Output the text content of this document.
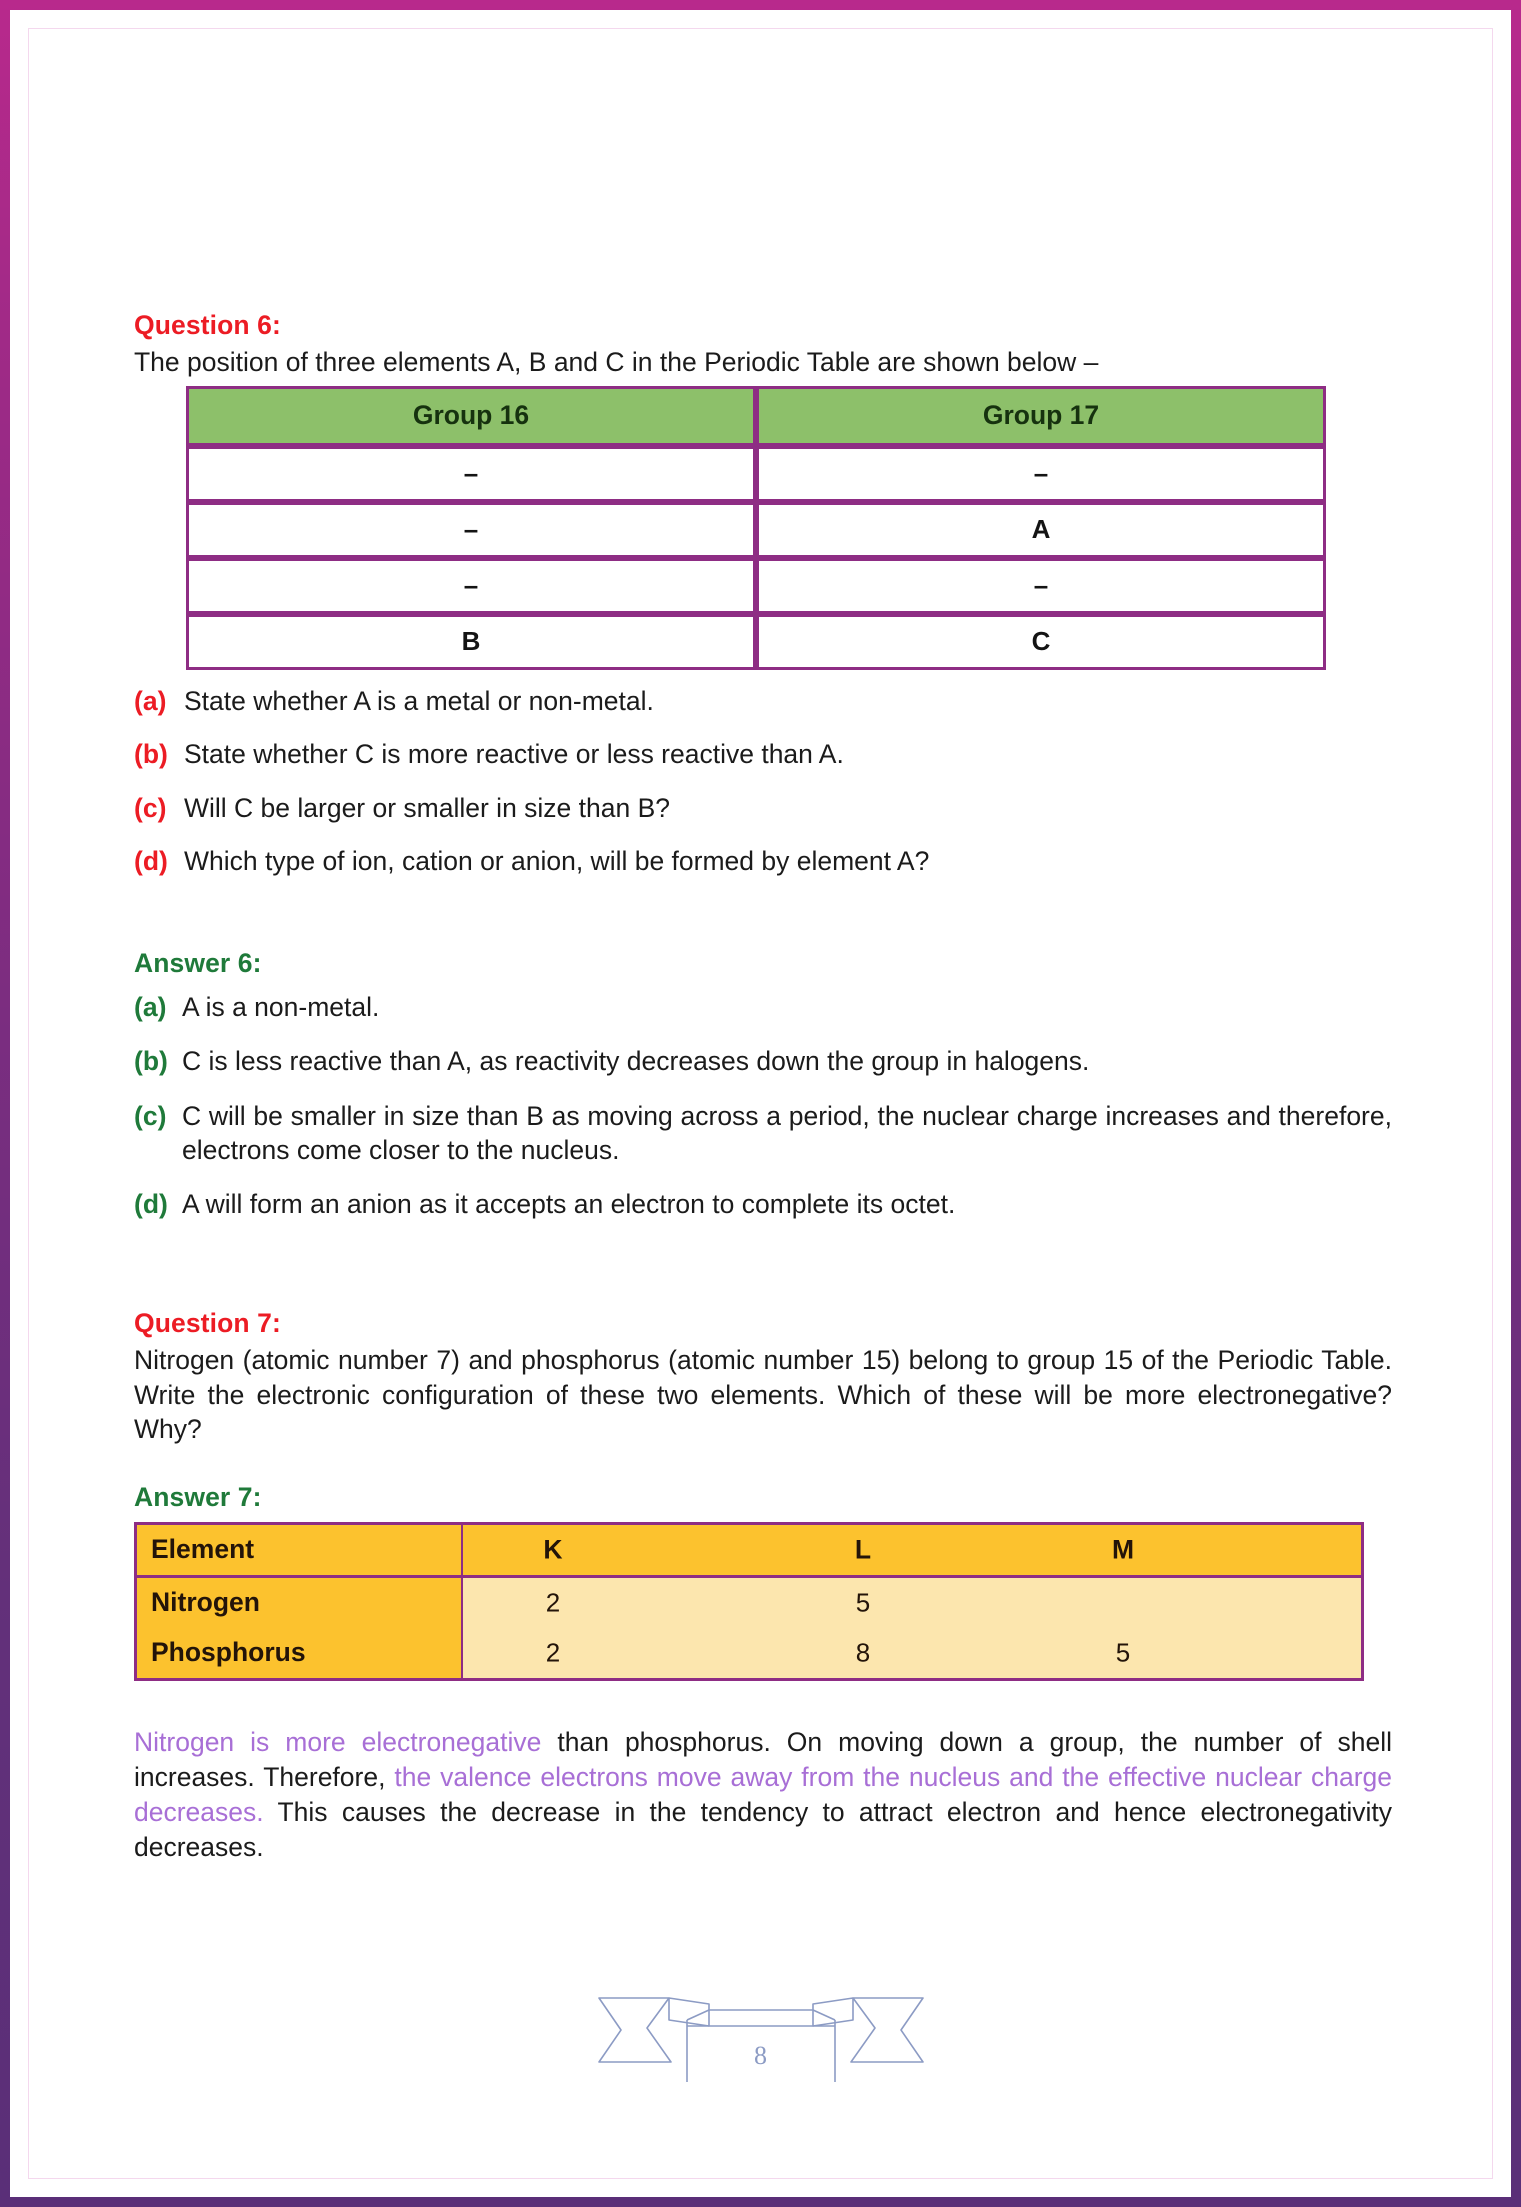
Question 6:
The position of three elements A, B and C in the Periodic Table are shown below –
Group 16	Group 17
–	–
–	A
–	–
B	C
(a) State whether A is a metal or non-metal.
(b) State whether C is more reactive or less reactive than A.
(c) Will C be larger or smaller in size than B?
(d) Which type of ion, cation or anion, will be formed by element A?
Answer 6:
(a) A is a non-metal.
(b) C is less reactive than A, as reactivity decreases down the group in halogens.
(c) C will be smaller in size than B as moving across a period, the nuclear charge increases and therefore, electrons come closer to the nucleus.
(d) A will form an anion as it accepts an electron to complete its octet.
Question 7:
Nitrogen (atomic number 7) and phosphorus (atomic number 15) belong to group 15 of the Periodic Table. Write the electronic configuration of these two elements. Which of these will be more electronegative? Why?
Answer 7:
Element	K L M

Nitrogen	2 5

Phosphorus	2 8 5
Nitrogen is more electronegative than phosphorus. On moving down a group, the number of shell increases. Therefore, the valence electrons move away from the nucleus and the effective nuclear charge decreases. This causes the decrease in the tendency to attract electron and hence electronegativity decreases.
8
